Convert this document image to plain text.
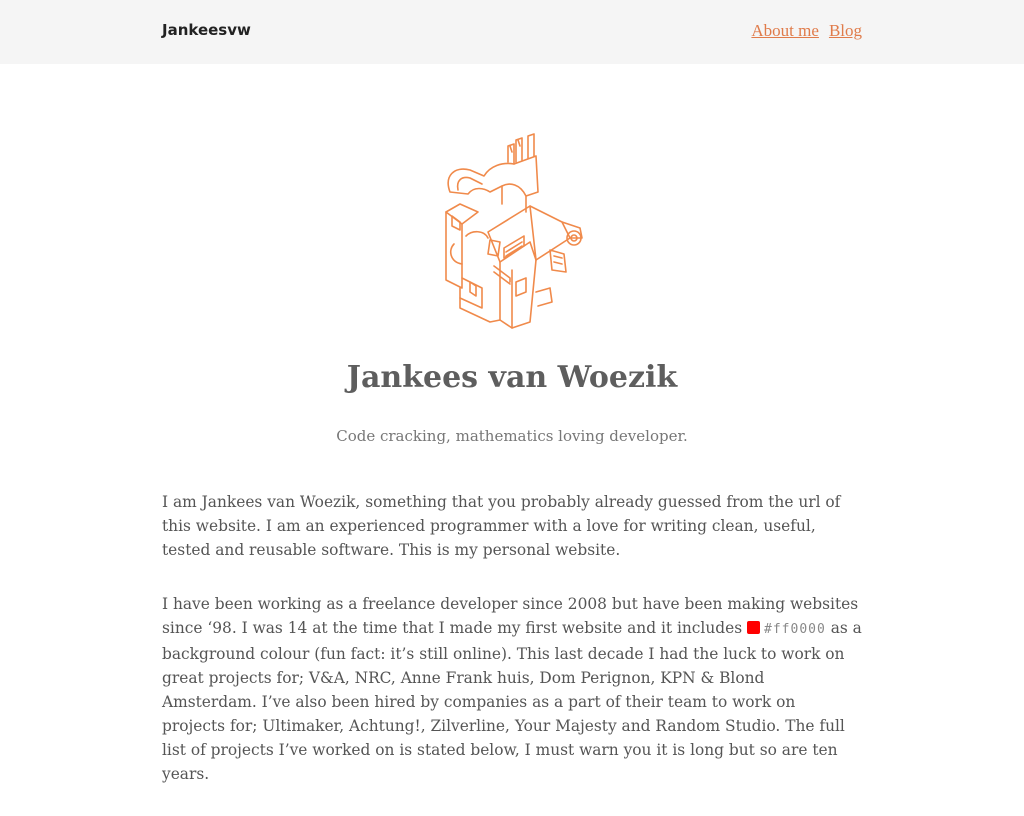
Jankeesvw	About me Blog
Jankees van Woezik

Code cracking, mathematics loving developer.

I am Jankees van Woezik, something that you probably already guessed from the url of this website. I am an experienced programmer with a love for writing clean, useful, tested and reusable software. This is my personal website.

I have been working as a freelance developer since 2008 but have been making websites since ‘98. I was 14 at the time that I made my first website and it includes #ff0000 as a background colour (fun fact: it’s still online). This last decade I had the luck to work on great projects for; V&A, NRC, Anne Frank huis, Dom Perignon, KPN & Blond Amsterdam. I’ve also been hired by companies as a part of their team to work on projects for; Ultimaker, Achtung!, Zilverline, Your Majesty and Random Studio. The full list of projects I’ve worked on is stated below, I must warn you it is long but so are ten years.
